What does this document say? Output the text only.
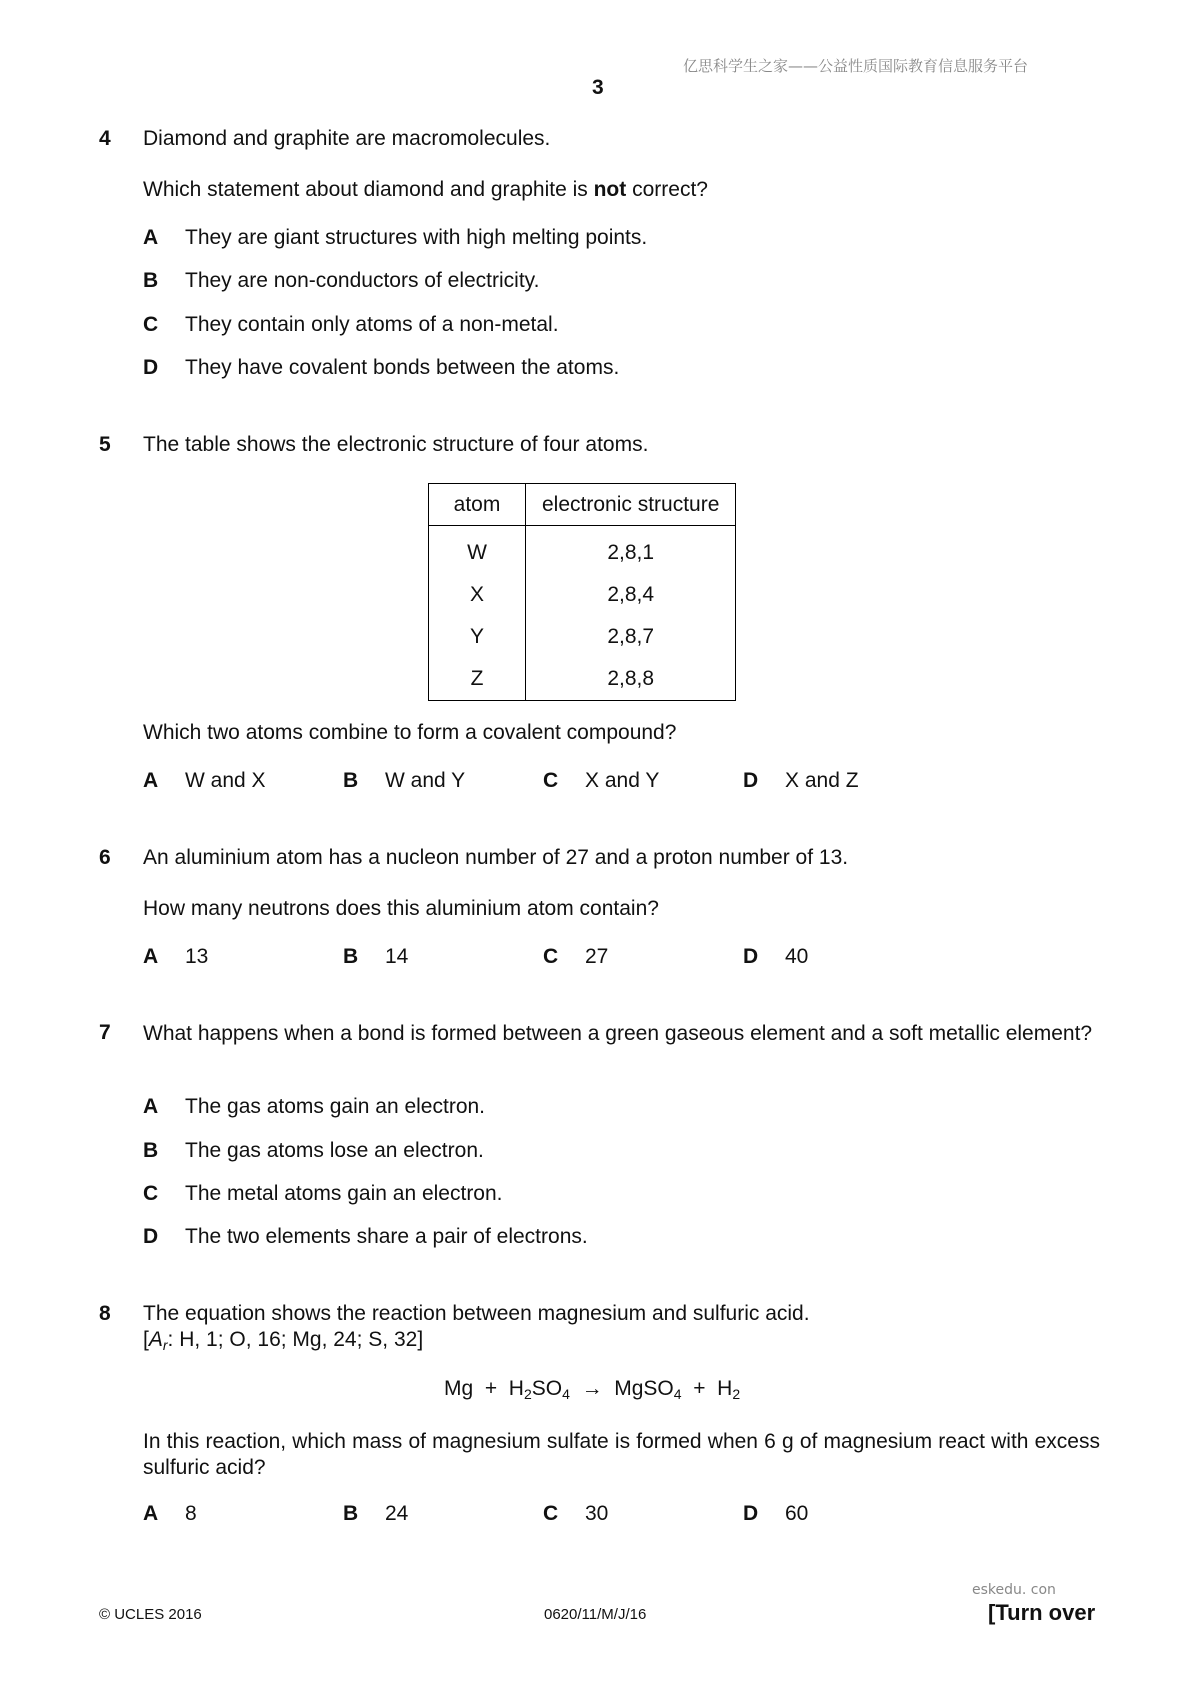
亿思科学生之家——公益性质国际教育信息服务平台
3
4 Diamond and graphite are macromolecules.
Which statement about diamond and graphite is not correct?
A They are giant structures with high melting points.
B They are non-conductors of electricity.
C They contain only atoms of a non-metal.
D They have covalent bonds between the atoms.
5 The table shows the electronic structure of four atoms.
atom	electronic structure
W	2,8,1
X	2,8,4
Y	2,8,7
Z	2,8,8
Which two atoms combine to form a covalent compound?
A W and X	B W and Y	C X and Y	D X and Z
6 An aluminium atom has a nucleon number of 27 and a proton number of 13.
How many neutrons does this aluminium atom contain?
A 13	B 14	C 27	D 40
7 What happens when a bond is formed between a green gaseous element and a soft metallic element?
A The gas atoms gain an electron.
B The gas atoms lose an electron.
C The metal atoms gain an electron.
D The two elements share a pair of electrons.
8 The equation shows the reaction between magnesium and sulfuric acid.
[$A_r$: H, 1; O, 16; Mg, 24; S, 32]
$Mg + H_2SO_4$ → MgSO$_4$ + $H_2$
In this reaction, which mass of magnesium sulfate is formed when 6 g of magnesium react with excess sulfuric acid?
A 8	B 24	C 30	D 60
eskedu. con
© UCLES 2016	0620/11/M/J/16	[Turn over
